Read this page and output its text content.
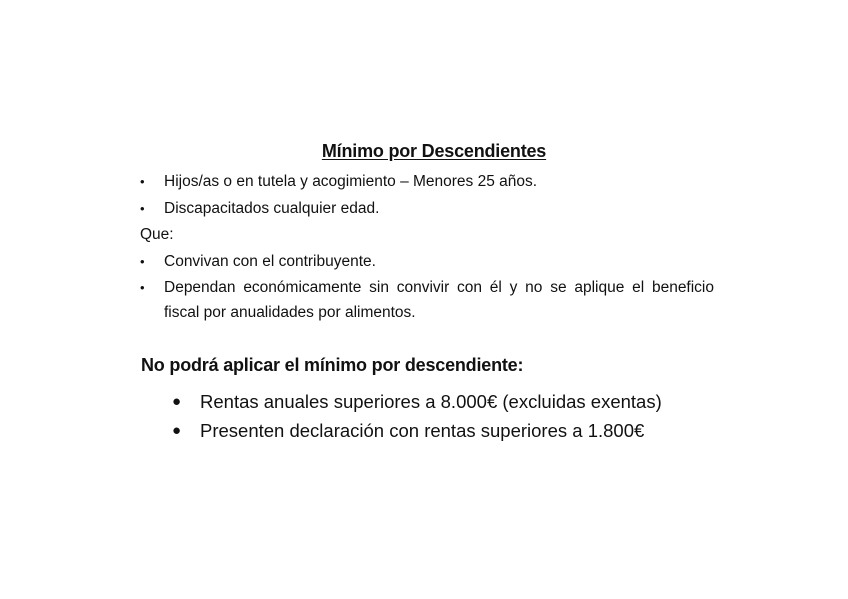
Mínimo por Descendientes
•	Hijos/as o en tutela y acogimiento – Menores 25 años.
•	Discapacitados cualquier edad.

Que:

•	Convivan con el contribuyente.
•	Dependan económicamente sin convivir con él y no se aplique el beneficio fiscal por anualidades por alimentos.
No podrá aplicar el mínimo por descendiente:
● Rentas anuales superiores a 8.000€ (excluidas exentas)
● Presenten declaración con rentas superiores a 1.800€
